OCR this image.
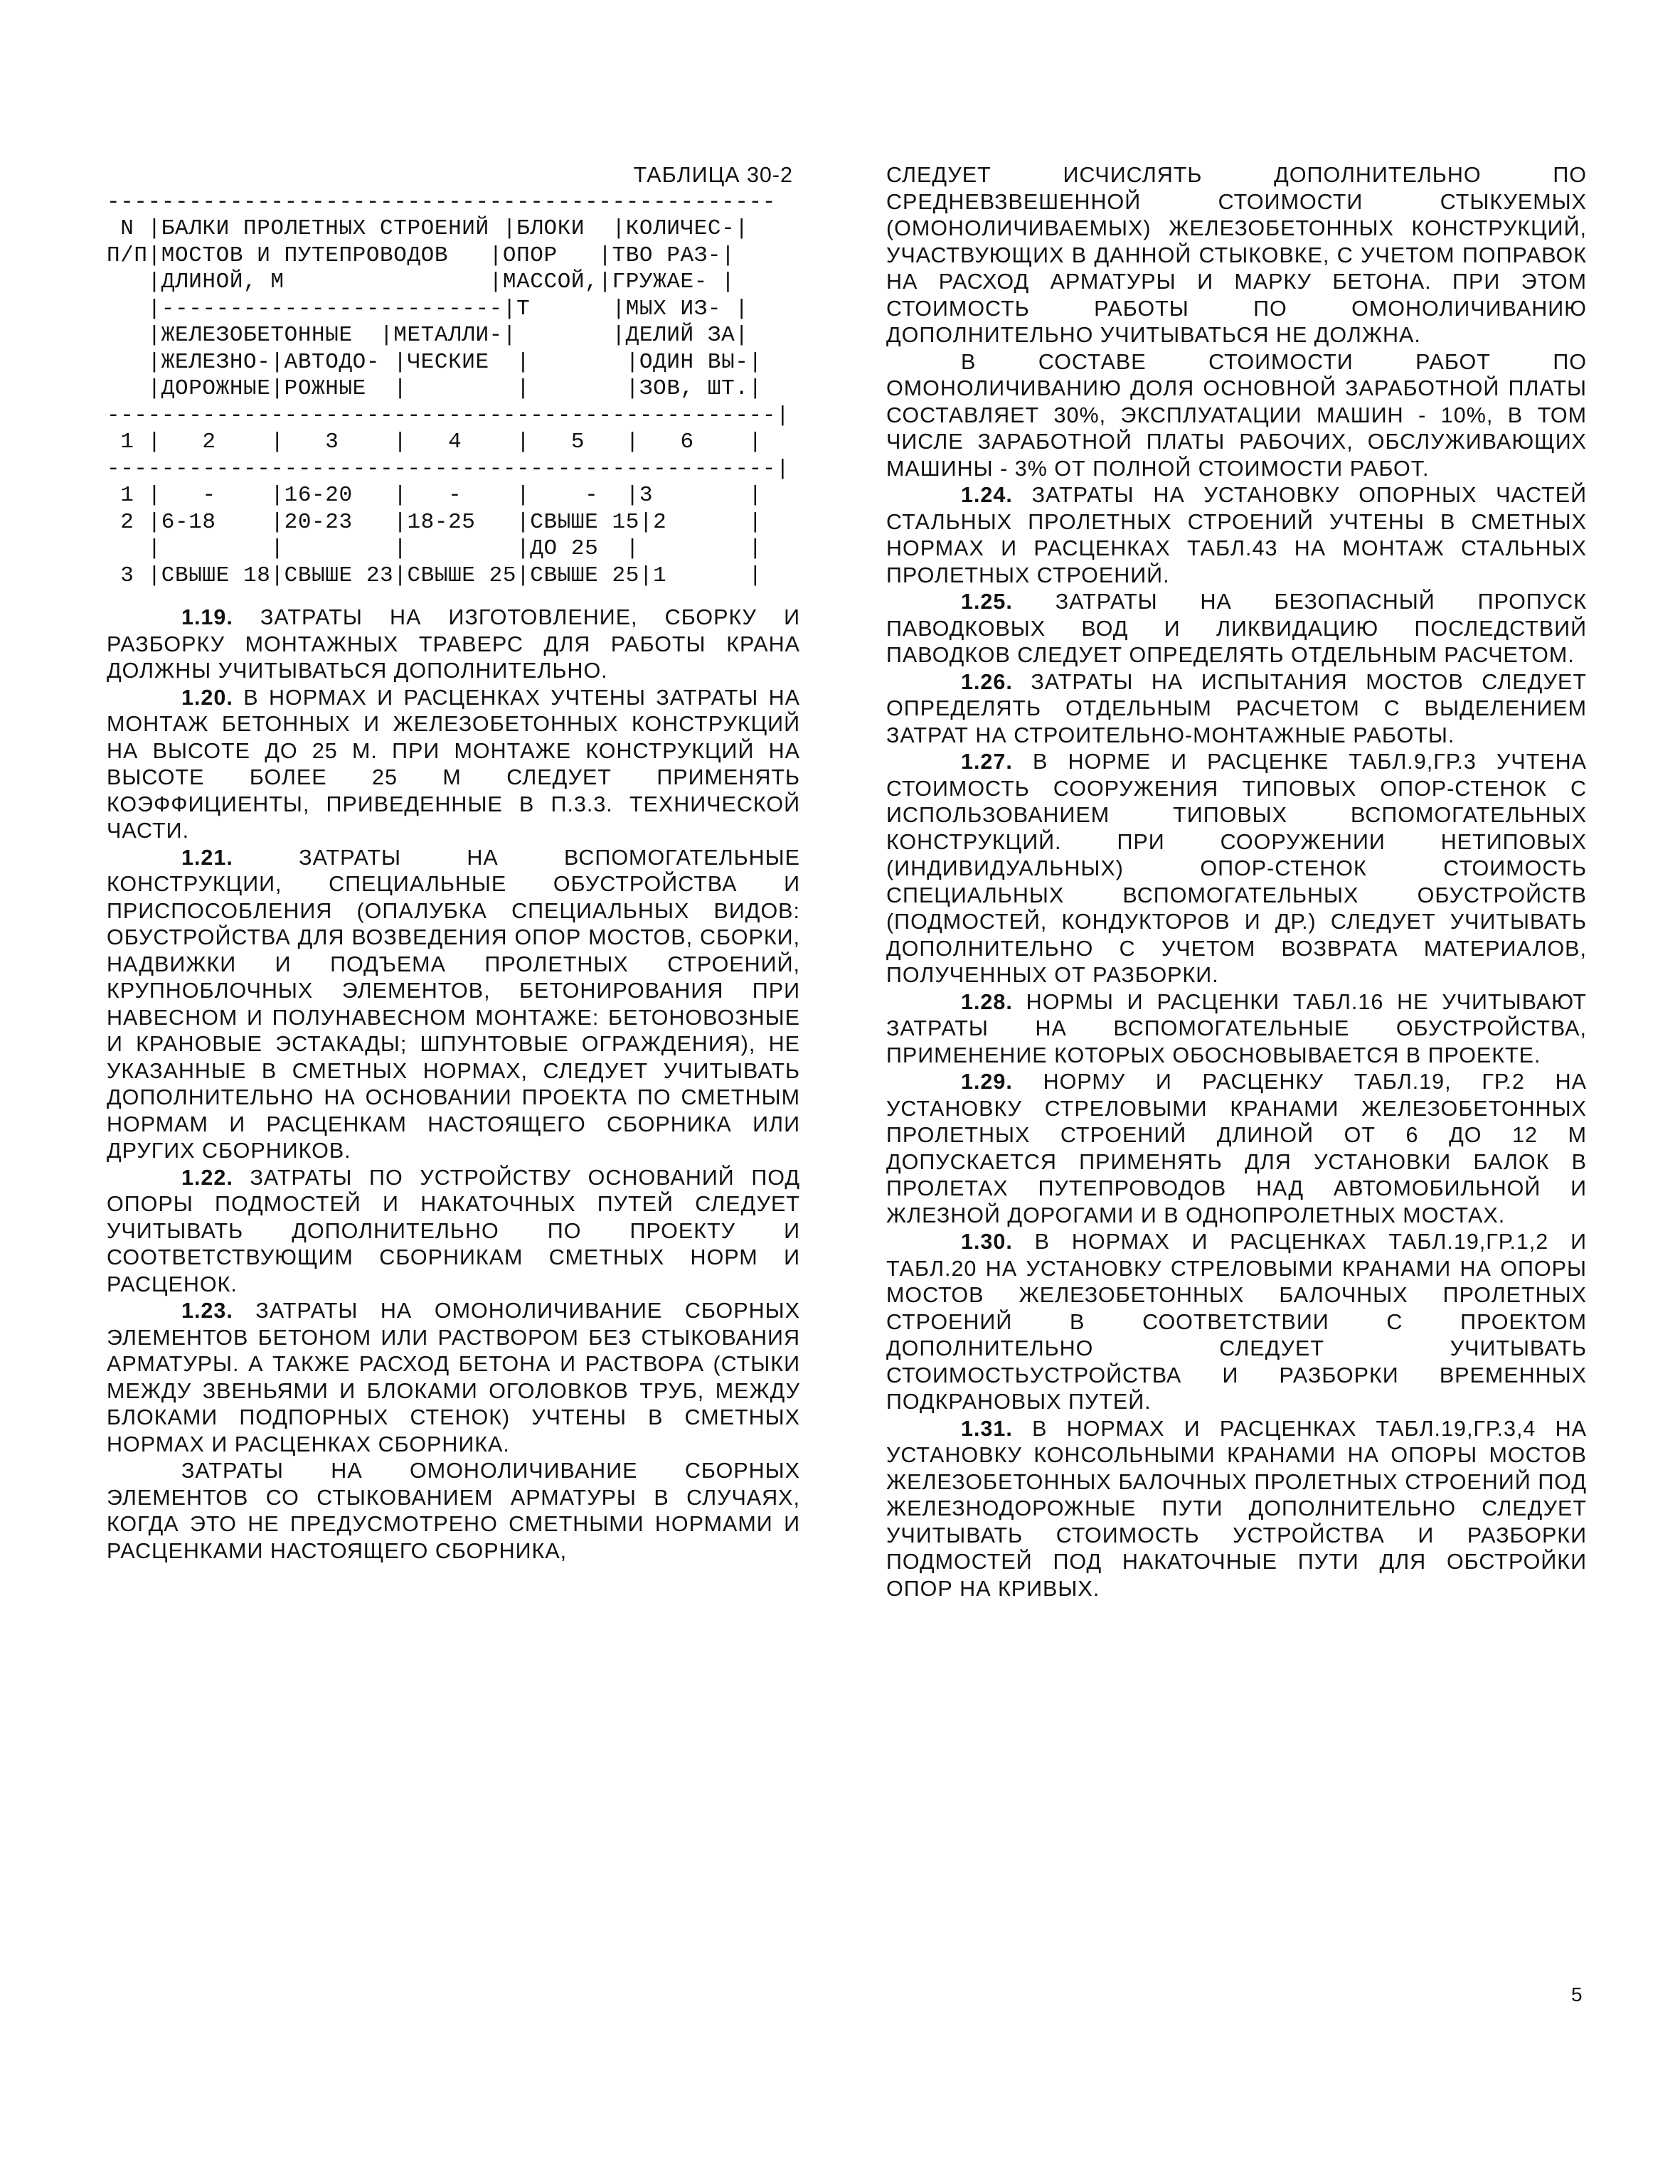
ТАБЛИЦА 30-2
-------------------------------------------------
N |БАЛКИ ПРОЛЕТНЫХ СТРОЕНИЙ |БЛОКИ  |КОЛИЧЕС-|
П/П|МОСТОВ И ПУТЕПРОВОДОВ   |ОПОР   |ТВО РАЗ-|
|ДЛИНОЙ, М               |МАССОЙ,|ГРУЖАЕ- |
|-------------------------|Т      |МЫХ ИЗ- |
|ЖЕЛЕЗОБЕТОННЫЕ  |МЕТАЛЛИ-|       |ДЕЛИЙ ЗА|
|ЖЕЛЕЗНО-|АВТОДО- |ЧЕСКИЕ  |       |ОДИН ВЫ-|
|ДОРОЖНЫЕ|РОЖНЫЕ  |        |       |ЗОВ, ШТ.|
-------------------------------------------------|
1 |   2    |   3    |   4    |   5   |   6    |
-------------------------------------------------|
1 |   -    |16-20   |   -    |    -  |3       |
2 |6-18    |20-23   |18-25   |СВЫШЕ 15|2      |
|        |        |        |ДО 25  |        |
3 |СВЫШЕ 18|СВЫШЕ 23|СВЫШЕ 25|СВЫШЕ 25|1      |

1.19. ЗАТРАТЫ НА ИЗГОТОВЛЕНИЕ, СБОРКУ И РАЗБОРКУ МОНТАЖНЫХ ТРАВЕРС ДЛЯ РАБОТЫ КРАНА ДОЛЖНЫ УЧИТЫВАТЬСЯ ДОПОЛНИТЕЛЬНО.

1.20. В НОРМАХ И РАСЦЕНКАХ УЧТЕНЫ ЗАТРАТЫ НА МОНТАЖ БЕТОННЫХ И ЖЕЛЕЗОБЕТОННЫХ КОНСТРУКЦИЙ НА ВЫСОТЕ ДО 25 М. ПРИ МОНТАЖЕ КОНСТРУКЦИЙ НА ВЫСОТЕ БОЛЕЕ 25 М СЛЕДУЕТ ПРИМЕНЯТЬ КОЭФФИЦИЕНТЫ, ПРИВЕДЕННЫЕ В П.3.3. ТЕХНИЧЕСКОЙ ЧАСТИ.

1.21. ЗАТРАТЫ НА ВСПОМОГАТЕЛЬНЫЕ КОНСТРУКЦИИ, СПЕЦИАЛЬНЫЕ ОБУСТРОЙСТВА И ПРИСПОСОБЛЕНИЯ (ОПАЛУБКА СПЕЦИАЛЬНЫХ ВИДОВ: ОБУСТРОЙСТВА ДЛЯ ВОЗВЕДЕНИЯ ОПОР МОСТОВ, СБОРКИ, НАДВИЖКИ И ПОДЪЕМА ПРОЛЕТНЫХ СТРОЕНИЙ, КРУПНОБЛОЧНЫХ ЭЛЕМЕНТОВ, БЕТОНИРОВАНИЯ ПРИ НАВЕСНОМ И ПОЛУНАВЕСНОМ МОНТАЖЕ: БЕТОНОВОЗНЫЕ И КРАНОВЫЕ ЭСТАКАДЫ; ШПУНТОВЫЕ ОГРАЖДЕНИЯ), НЕ УКАЗАННЫЕ В СМЕТНЫХ НОРМАХ, СЛЕДУЕТ УЧИТЫВАТЬ ДОПОЛНИТЕЛЬНО НА ОСНОВАНИИ ПРОЕКТА ПО СМЕТНЫМ НОРМАМ И РАСЦЕНКАМ НАСТОЯЩЕГО СБОРНИКА ИЛИ ДРУГИХ СБОРНИКОВ.

1.22. ЗАТРАТЫ ПО УСТРОЙСТВУ ОСНОВАНИЙ ПОД ОПОРЫ ПОДМОСТЕЙ И НАКАТОЧНЫХ ПУТЕЙ СЛЕДУЕТ УЧИТЫВАТЬ ДОПОЛНИТЕЛЬНО ПО ПРОЕКТУ И СООТВЕТСТВУЮЩИМ СБОРНИКАМ СМЕТНЫХ НОРМ И РАСЦЕНОК.

1.23. ЗАТРАТЫ НА ОМОНОЛИЧИВАНИЕ СБОРНЫХ ЭЛЕМЕНТОВ БЕТОНОМ ИЛИ РАСТВОРОМ БЕЗ СТЫКОВАНИЯ АРМАТУРЫ. А ТАКЖЕ РАСХОД БЕТОНА И РАСТВОРА (СТЫКИ МЕЖДУ ЗВЕНЬЯМИ И БЛОКАМИ ОГОЛОВКОВ ТРУБ, МЕЖДУ БЛОКАМИ ПОДПОРНЫХ СТЕНОК) УЧТЕНЫ В СМЕТНЫХ НОРМАХ И РАСЦЕНКАХ СБОРНИКА.

ЗАТРАТЫ НА ОМОНОЛИЧИВАНИЕ СБОРНЫХ ЭЛЕМЕНТОВ СО СТЫКОВАНИЕМ АРМАТУРЫ В СЛУЧАЯХ, КОГДА ЭТО НЕ ПРЕДУСМОТРЕНО СМЕТНЫМИ НОРМАМИ И РАСЦЕНКАМИ НАСТОЯЩЕГО СБОРНИКА,

СЛЕДУЕТ ИСЧИСЛЯТЬ ДОПОЛНИТЕЛЬНО ПО СРЕДНЕВЗВЕШЕННОЙ СТОИМОСТИ СТЫКУЕМЫХ (ОМОНОЛИЧИВАЕМЫХ) ЖЕЛЕЗОБЕТОННЫХ КОНСТРУКЦИЙ, УЧАСТВУЮЩИХ В ДАННОЙ СТЫКОВКЕ, С УЧЕТОМ ПОПРАВОК НА РАСХОД АРМАТУРЫ И МАРКУ БЕТОНА. ПРИ ЭТОМ СТОИМОСТЬ РАБОТЫ ПО ОМОНОЛИЧИВАНИЮ ДОПОЛНИТЕЛЬНО УЧИТЫВАТЬСЯ НЕ ДОЛЖНА.

В СОСТАВЕ СТОИМОСТИ РАБОТ ПО ОМОНОЛИЧИВАНИЮ ДОЛЯ ОСНОВНОЙ ЗАРАБОТНОЙ ПЛАТЫ СОСТАВЛЯЕТ 30%, ЭКСПЛУАТАЦИИ МАШИН - 10%, В ТОМ ЧИСЛЕ ЗАРАБОТНОЙ ПЛАТЫ РАБОЧИХ, ОБСЛУЖИВАЮЩИХ МАШИНЫ - 3% ОТ ПОЛНОЙ СТОИМОСТИ РАБОТ.

1.24. ЗАТРАТЫ НА УСТАНОВКУ ОПОРНЫХ ЧАСТЕЙ СТАЛЬНЫХ ПРОЛЕТНЫХ СТРОЕНИЙ УЧТЕНЫ В СМЕТНЫХ НОРМАХ И РАСЦЕНКАХ ТАБЛ.43 НА МОНТАЖ СТАЛЬНЫХ ПРОЛЕТНЫХ СТРОЕНИЙ.

1.25. ЗАТРАТЫ НА БЕЗОПАСНЫЙ ПРОПУСК ПАВОДКОВЫХ ВОД И ЛИКВИДАЦИЮ ПОСЛЕДСТВИЙ ПАВОДКОВ СЛЕДУЕТ ОПРЕДЕЛЯТЬ ОТДЕЛЬНЫМ РАСЧЕТОМ.

1.26. ЗАТРАТЫ НА ИСПЫТАНИЯ МОСТОВ СЛЕДУЕТ ОПРЕДЕЛЯТЬ ОТДЕЛЬНЫМ РАСЧЕТОМ С ВЫДЕЛЕНИЕМ ЗАТРАТ НА СТРОИТЕЛЬНО-МОНТАЖНЫЕ РАБОТЫ.

1.27. В НОРМЕ И РАСЦЕНКЕ ТАБЛ.9,ГР.3 УЧТЕНА СТОИМОСТЬ СООРУЖЕНИЯ ТИПОВЫХ ОПОР-СТЕНОК С ИСПОЛЬЗОВАНИЕМ ТИПОВЫХ ВСПОМОГАТЕЛЬНЫХ КОНСТРУКЦИЙ. ПРИ СООРУЖЕНИИ НЕТИПОВЫХ (ИНДИВИДУАЛЬНЫХ) ОПОР-СТЕНОК СТОИМОСТЬ СПЕЦИАЛЬНЫХ ВСПОМОГАТЕЛЬНЫХ ОБУСТРОЙСТВ (ПОДМОСТЕЙ, КОНДУКТОРОВ И ДР.) СЛЕДУЕТ УЧИТЫВАТЬ ДОПОЛНИТЕЛЬНО С УЧЕТОМ ВОЗВРАТА МАТЕРИАЛОВ, ПОЛУЧЕННЫХ ОТ РАЗБОРКИ.

1.28. НОРМЫ И РАСЦЕНКИ ТАБЛ.16 НЕ УЧИТЫВАЮТ ЗАТРАТЫ НА ВСПОМОГАТЕЛЬНЫЕ ОБУСТРОЙСТВА, ПРИМЕНЕНИЕ КОТОРЫХ ОБОСНОВЫВАЕТСЯ В ПРОЕКТЕ.

1.29. НОРМУ И РАСЦЕНКУ ТАБЛ.19, ГР.2 НА УСТАНОВКУ СТРЕЛОВЫМИ КРАНАМИ ЖЕЛЕЗОБЕТОННЫХ ПРОЛЕТНЫХ СТРОЕНИЙ ДЛИНОЙ ОТ 6 ДО 12 М ДОПУСКАЕТСЯ ПРИМЕНЯТЬ ДЛЯ УСТАНОВКИ БАЛОК В ПРОЛЕТАХ ПУТЕПРОВОДОВ НАД АВТОМОБИЛЬНОЙ И ЖЛЕЗНОЙ ДОРОГАМИ И В ОДНОПРОЛЕТНЫХ МОСТАХ.

1.30. В НОРМАХ И РАСЦЕНКАХ ТАБЛ.19,ГР.1,2 И ТАБЛ.20 НА УСТАНОВКУ СТРЕЛОВЫМИ КРАНАМИ НА ОПОРЫ МОСТОВ ЖЕЛЕЗОБЕТОННЫХ БАЛОЧНЫХ ПРОЛЕТНЫХ СТРОЕНИЙ В СООТВЕТСТВИИ С ПРОЕКТОМ ДОПОЛНИТЕЛЬНО СЛЕДУЕТ УЧИТЫВАТЬ СТОИМОСТЬУСТРОЙСТВА И РАЗБОРКИ ВРЕМЕННЫХ ПОДКРАНОВЫХ ПУТЕЙ.

1.31. В НОРМАХ И РАСЦЕНКАХ ТАБЛ.19,ГР.3,4 НА УСТАНОВКУ КОНСОЛЬНЫМИ КРАНАМИ НА ОПОРЫ МОСТОВ ЖЕЛЕЗОБЕТОННЫХ БАЛОЧНЫХ ПРОЛЕТНЫХ СТРОЕНИЙ ПОД ЖЕЛЕЗНОДОРОЖНЫЕ ПУТИ ДОПОЛНИТЕЛЬНО СЛЕДУЕТ УЧИТЫВАТЬ СТОИМОСТЬ УСТРОЙСТВА И РАЗБОРКИ ПОДМОСТЕЙ ПОД НАКАТОЧНЫЕ ПУТИ ДЛЯ ОБСТРОЙКИ ОПОР НА КРИВЫХ.

5
